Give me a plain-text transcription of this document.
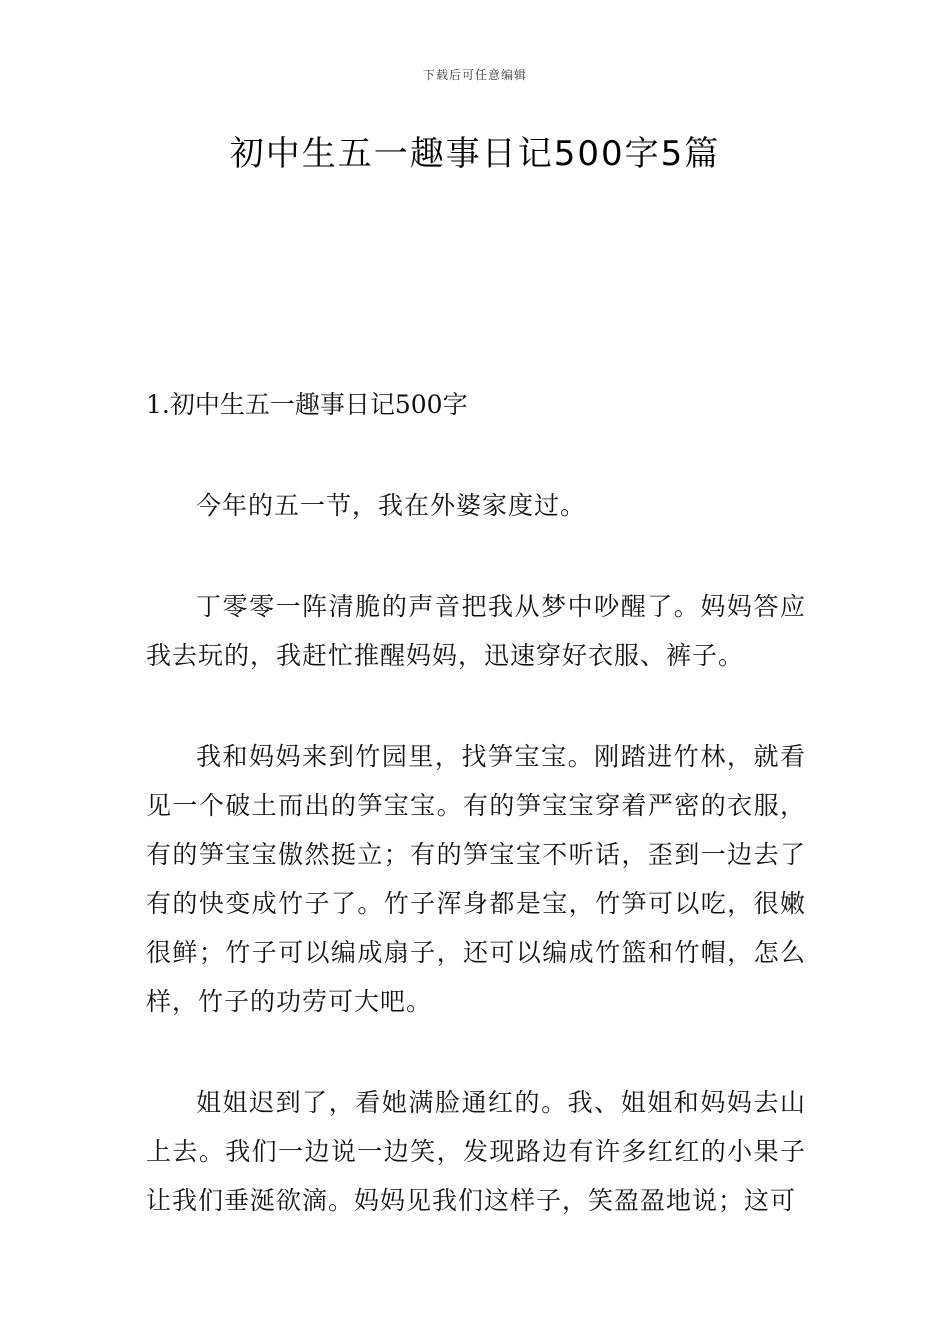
下载后可任意编辑
初中生五一趣事日记500字5篇
1.初中生五一趣事日记500字

今年的五一节，我在外婆家度过。

丁零零一阵清脆的声音把我从梦中吵醒了。妈妈答应我去玩的，我赶忙推醒妈妈，迅速穿好衣服、裤子。

我和妈妈来到竹园里，找笋宝宝。刚踏进竹林，就看见一个破土而出的笋宝宝。有的笋宝宝穿着严密的衣服，有的笋宝宝傲然挺立；有的笋宝宝不听话，歪到一边去了有的快变成竹子了。竹子浑身都是宝，竹笋可以吃，很嫩很鲜；竹子可以编成扇子，还可以编成竹篮和竹帽，怎么样，竹子的功劳可大吧。

姐姐迟到了，看她满脸通红的。我、姐姐和妈妈去山上去。我们一边说一边笑，发现路边有许多红红的小果子让我们垂涎欲滴。妈妈见我们这样子，笑盈盈地说；这可
